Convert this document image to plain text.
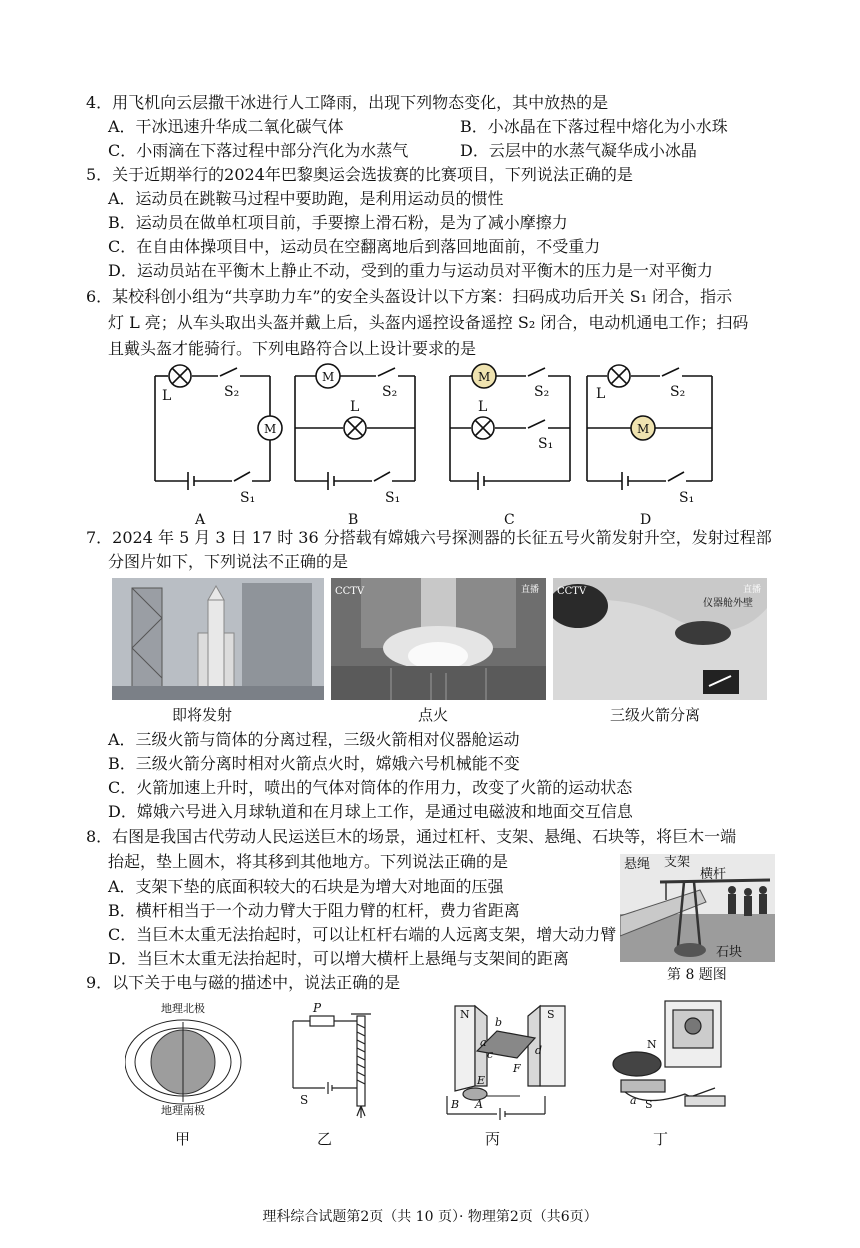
4．用飞机向云层撒干冰进行人工降雨，出现下列物态变化，其中放热的是
A．干冰迅速升华成二氧化碳气体	B．小冰晶在下落过程中熔化为小水珠
C．小雨滴在下落过程中部分汽化为水蒸气	D．云层中的水蒸气凝华成小冰晶
5．关于近期举行的2024年巴黎奥运会选拔赛的比赛项目，下列说法正确的是
A．运动员在跳鞍马过程中要助跑，是利用运动员的惯性
B．运动员在做单杠项目前，手要擦上滑石粉，是为了减小摩擦力
C．在自由体操项目中，运动员在空翻离地后到落回地面前，不受重力
D．运动员站在平衡木上静止不动，受到的重力与运动员对平衡木的压力是一对平衡力
6．某校科创小组为“共享助力车”的安全头盔设计以下方案：扫码成功后开关 S₁ 闭合，指示
灯 L 亮；从车头取出头盔并戴上后，头盔内遥控设备遥控 S₂ 闭合，电动机通电工作；扫码
且戴头盔才能骑行。下列电路符合以上设计要求的是
L	S₂
M
S₁
A
M
S₂
L
S₁
B
M
S₂
L
S₁
C
L	S₂
M
S₁
D
7．2024 年 5 月 3 日 17 时 36 分搭载有嫦娥六号探测器的长征五号火箭发射升空，发射过程部
分图片如下，下列说法不正确的是
CCTV	直播 CCTV	直播
仪器舱外壁
即将发射	点火	三级火箭分离
A．三级火箭与筒体的分离过程，三级火箭相对仪器舱运动
B．三级火箭分离时相对火箭点火时，嫦娥六号机械能不变
C．火箭加速上升时，喷出的气体对筒体的作用力，改变了火箭的运动状态
D．嫦娥六号进入月球轨道和在月球上工作，是通过电磁波和地面交互信息
8．右图是我国古代劳动人民运送巨木的场景，通过杠杆、支架、悬绳、石块等，将巨木一端
抬起，垫上圆木，将其移到其他地方。下列说法正确的是
A．支架下垫的底面积较大的石块是为增大对地面的压强
B．横杆相当于一个动力臂大于阻力臂的杠杆，费力省距离
C．当巨木太重无法抬起时，可以让杠杆右端的人远离支架，增大动力臂
D．当巨木太重无法抬起时，可以增大横杆上悬绳与支架间的距离
悬绳 支架
横杆
石块
第 8 题图
9．以下关于电与磁的描述中，说法正确的是
地理北极
地理南极
甲
P
S
乙
N	S
b
a
c	d
F
E
B A
丙
N
a S
丁
理科综合试题第2页（共 10 页）· 物理第2页（共6页）
